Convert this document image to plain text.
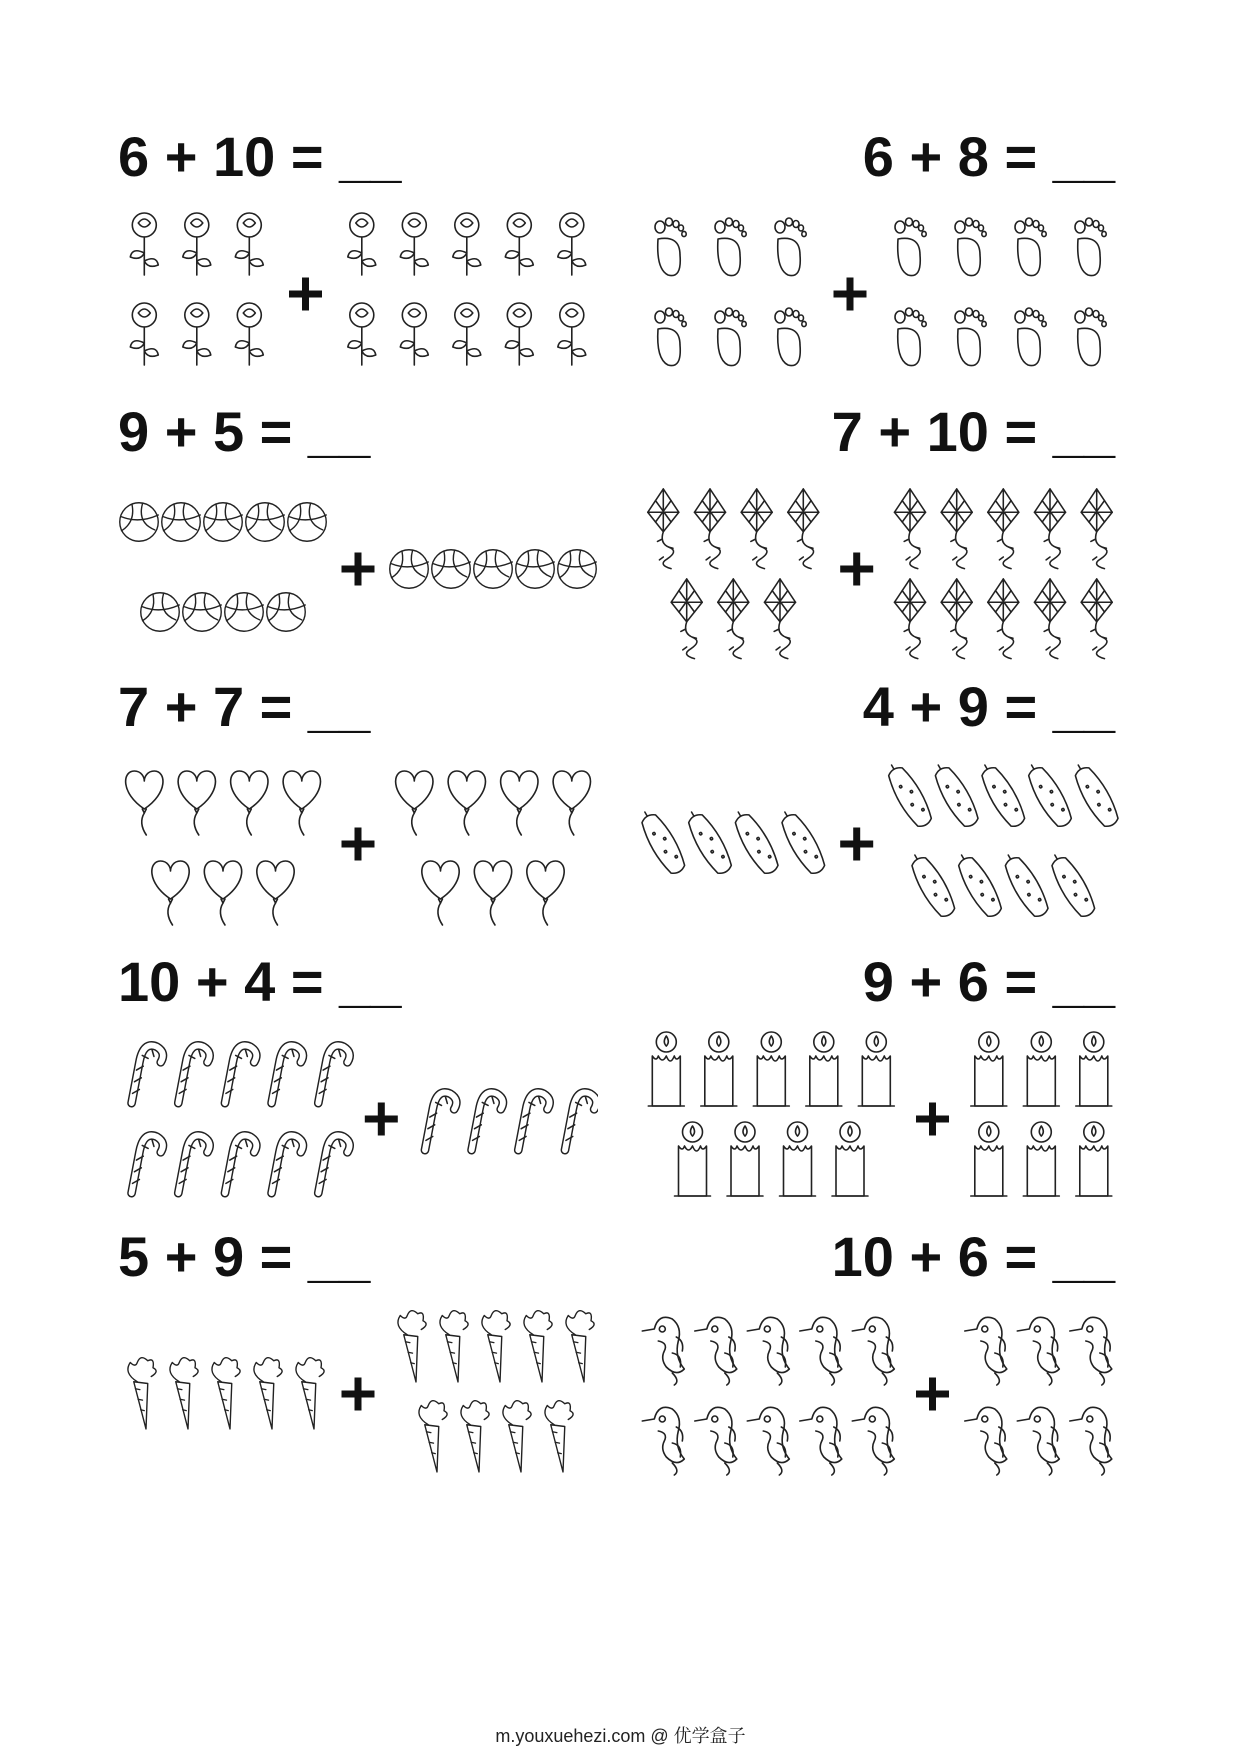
6 + 10 = __	6 + 8 = __
9 + 5 = __	7 + 10 = __
7 + 7 = __	4 + 9 = __
10 + 4 = __	9 + 6 = __
5 + 9 = __	10 + 6 = __
m.youxuehezi.com @ 优学盒子
